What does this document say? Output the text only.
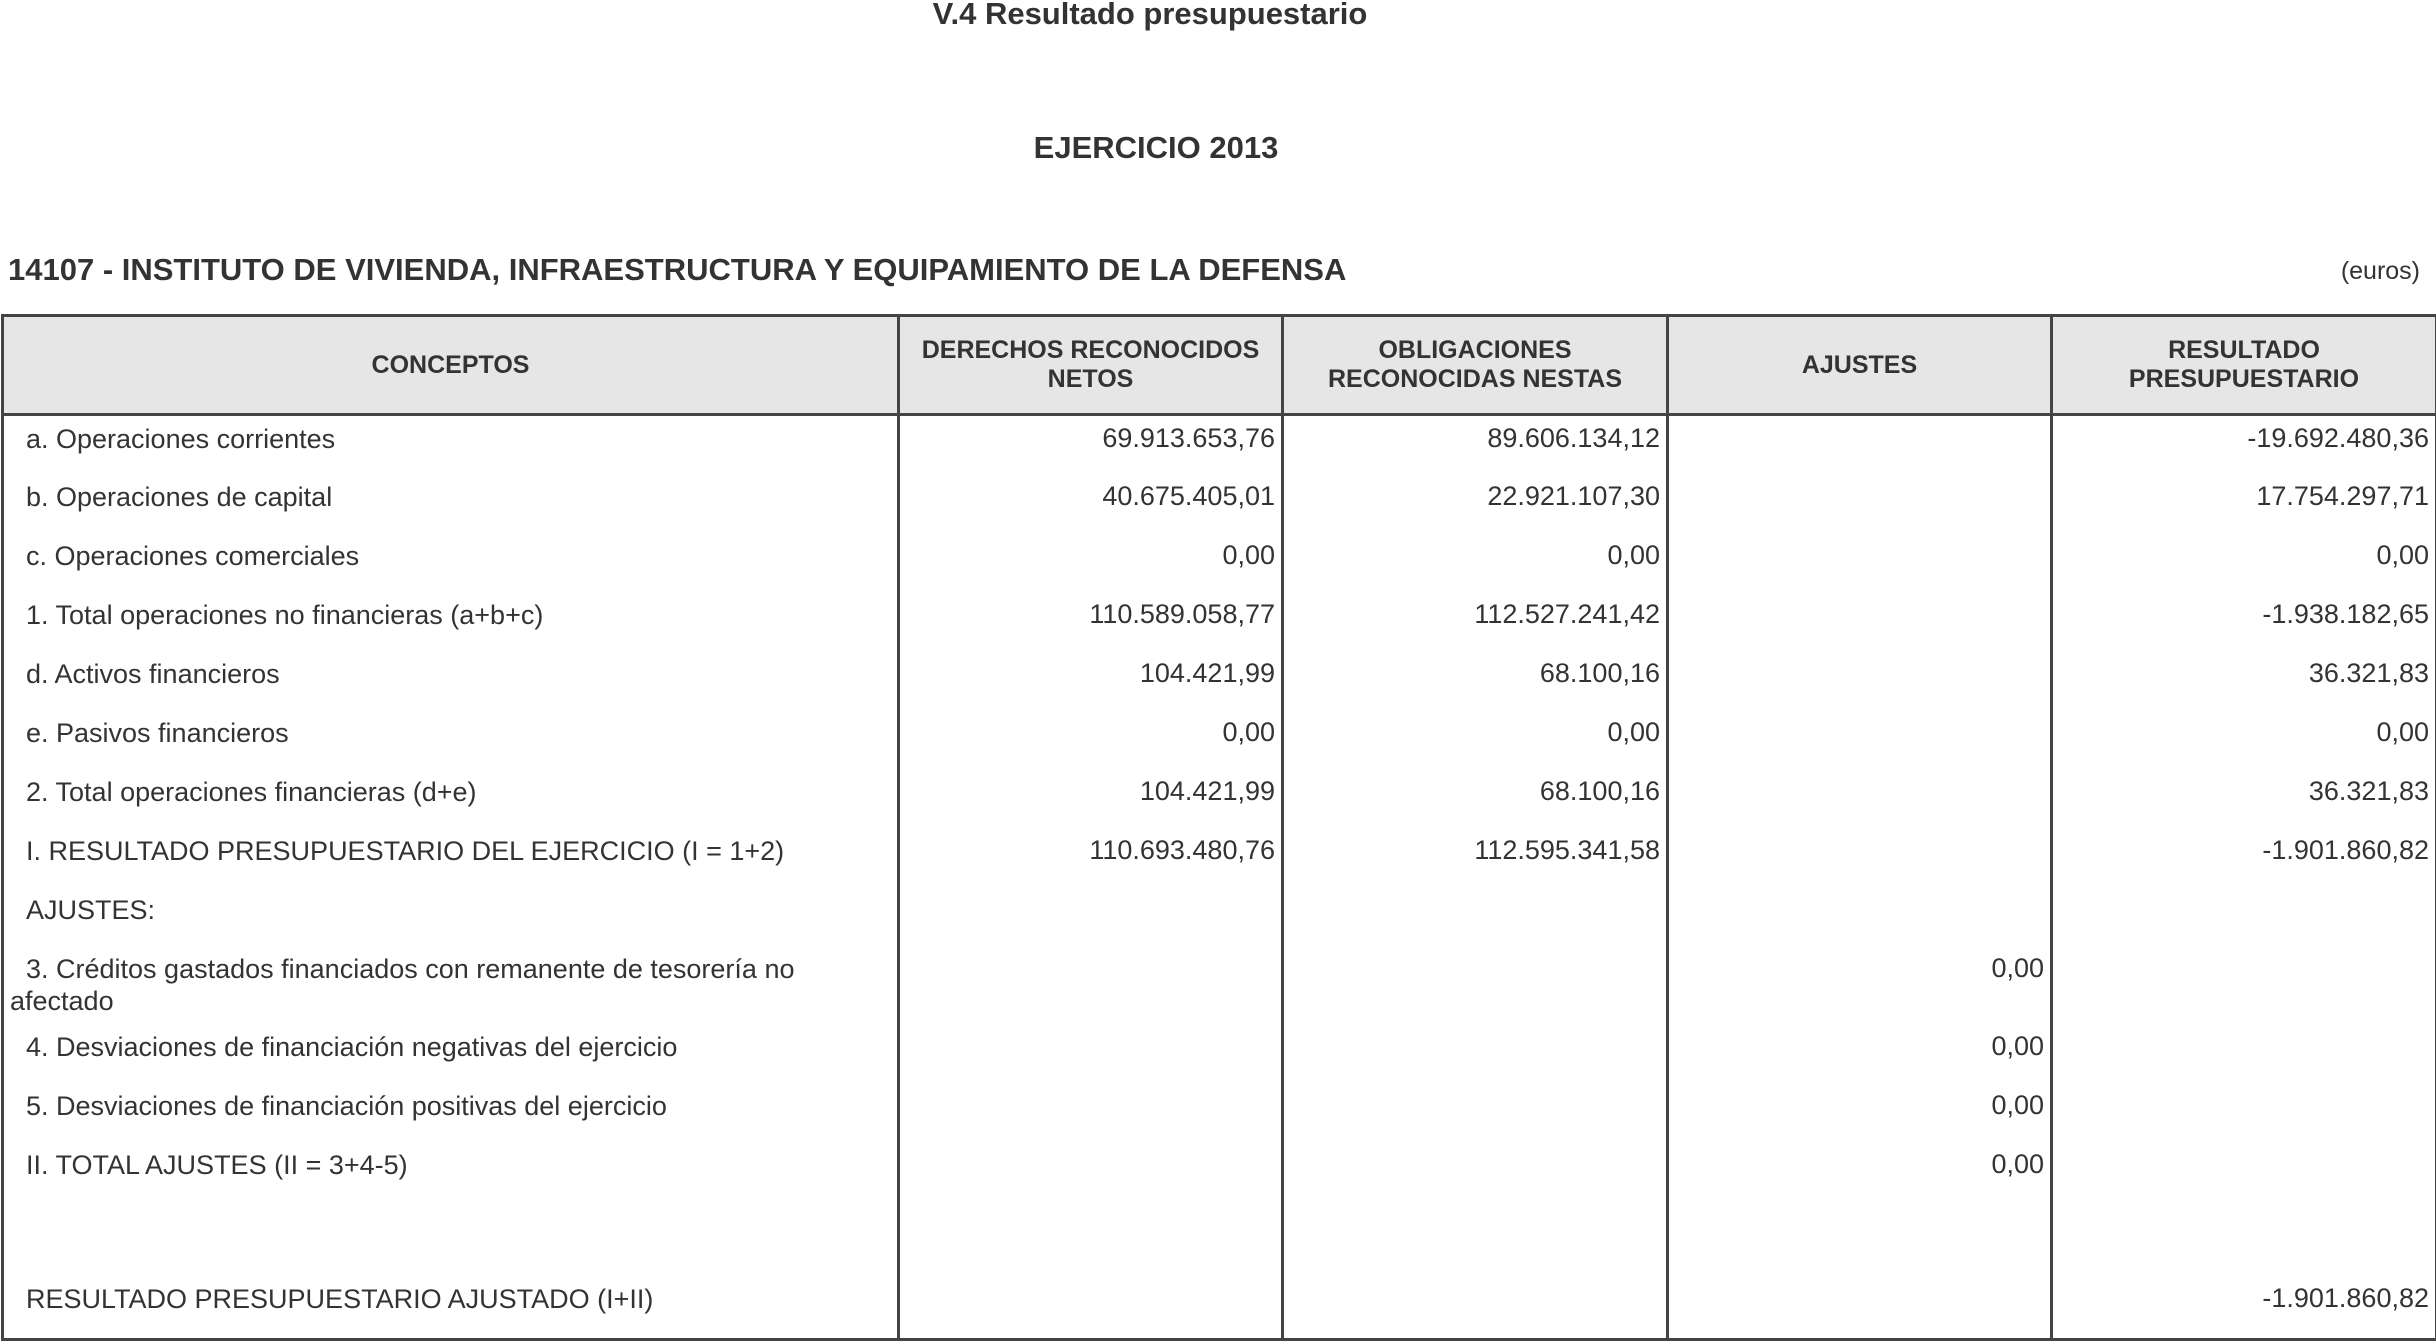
V.4 Resultado presupuestario
EJERCICIO 2013
14107 - INSTITUTO DE VIVIENDA, INFRAESTRUCTURA Y EQUIPAMIENTO DE LA DEFENSA	(euros)
CONCEPTOS	DERECHOS RECONOCIDOS NETOS	OBLIGACIONES RECONOCIDAS NESTAS	AJUSTES	RESULTADO PRESUPUESTARIO
a. Operaciones corrientes	69.913.653,76	89.606.134,12		-19.692.480,36
b. Operaciones de capital	40.675.405,01	22.921.107,30		17.754.297,71
c. Operaciones comerciales	0,00	0,00		0,00
1. Total operaciones no financieras (a+b+c)	110.589.058,77	112.527.241,42		-1.938.182,65
d. Activos financieros	104.421,99	68.100,16		36.321,83
e. Pasivos financieros	0,00	0,00		0,00
2. Total operaciones financieras (d+e)	104.421,99	68.100,16		36.321,83
I. RESULTADO PRESUPUESTARIO DEL EJERCICIO (I = 1+2)	110.693.480,76	112.595.341,58		-1.901.860,82
AJUSTES:				

3. Créditos gastados financiados con remanente de tesorería no
afectado			0,00	
4. Desviaciones de financiación negativas del ejercicio			0,00	
5. Desviaciones de financiación positivas del ejercicio			0,00	
II. TOTAL AJUSTES (II = 3+4-5)			0,00	

RESULTADO PRESUPUESTARIO AJUSTADO (I+II)				-1.901.860,82
